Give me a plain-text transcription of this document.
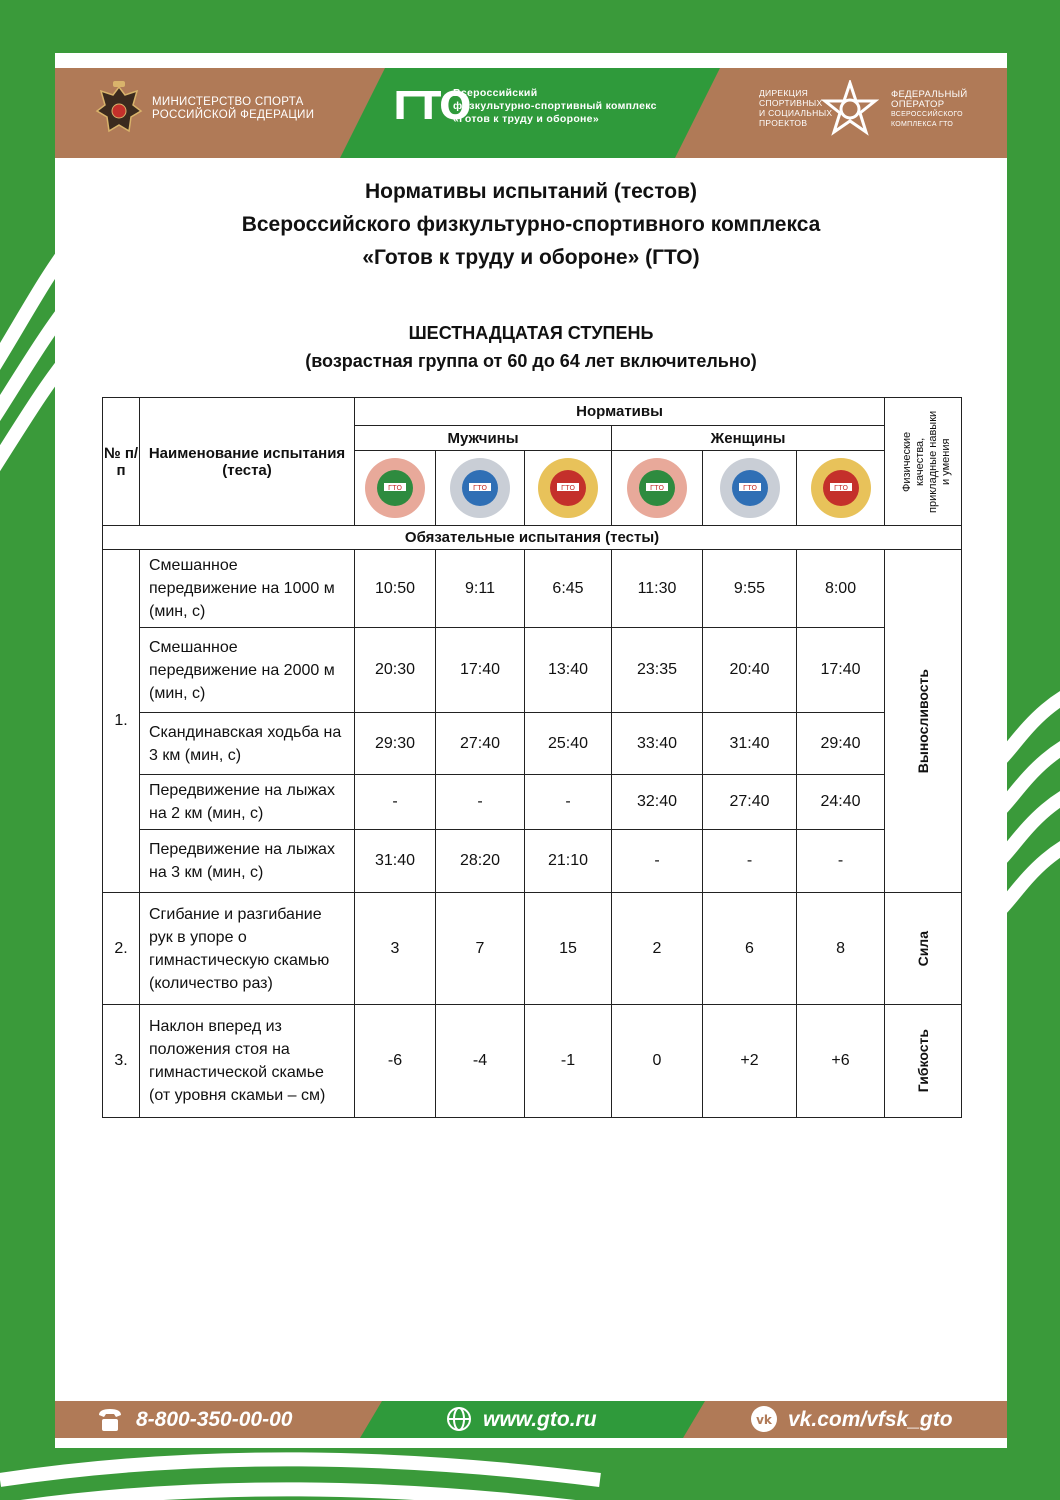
МИНИСТЕРСТВО СПОРТА
РОССИЙСКОЙ ФЕДЕРАЦИИ ГТО
Всероссийский
физкультурно-спортивный комплекс
«Готов к труду и обороне»
ДИРЕКЦИЯ
СПОРТИВНЫХ
И СОЦИАЛЬНЫХ
ПРОЕКТОВ
ФЕДЕРАЛЬНЫЙ
ОПЕРАТОР
ВСЕРОССИЙСКОГО
КОМПЛЕКСА ГТО
Нормативы испытаний (тестов)
Всероссийского физкультурно-спортивного комплекса
«Готов к труду и обороне» (ГТО)
ШЕСТНАДЦАТАЯ СТУПЕНЬ
(возрастная группа от 60 до 64 лет включительно)
№ п/п	Наименование испытания (теста)	Нормативы						Физические качества, прикладные навыки и умения

		Мужчины			Женщины			

ГТО	ГТО	ГТО	ГТО	ГТО	ГТО	

Обязательные испытания (тесты)								
1.	Смешанное передвижение на 1000 м (мин, с)	10:50	9:11	6:45	11:30	9:55	8:00	Выносливость

	Смешанное передвижение на 2000 м (мин, с)	20:30	17:40	13:40	23:35	20:40	17:40	
	Скандинавская ходьба на 3 км (мин, с)	29:30	27:40	25:40	33:40	31:40	29:40	
	Передвижение на лыжах на 2 км (мин, с)	-	-	-	32:40	27:40	24:40	
	Передвижение на лыжах на 3 км (мин, с)	31:40	28:20	21:10	-	-	-	
2.	Сгибание и разгибание рук в упоре о гимнастическую скамью (количество раз)	3	7	15	2	6	8	Сила

3.	Наклон вперед из положения стоя на гимнастической скамье (от уровня скамьи – см)	-6	-4	-1	0	+2	+6	Гибкость
8-800-350-00-00	www.gto.ru	vk vk.com/vfsk_gto
